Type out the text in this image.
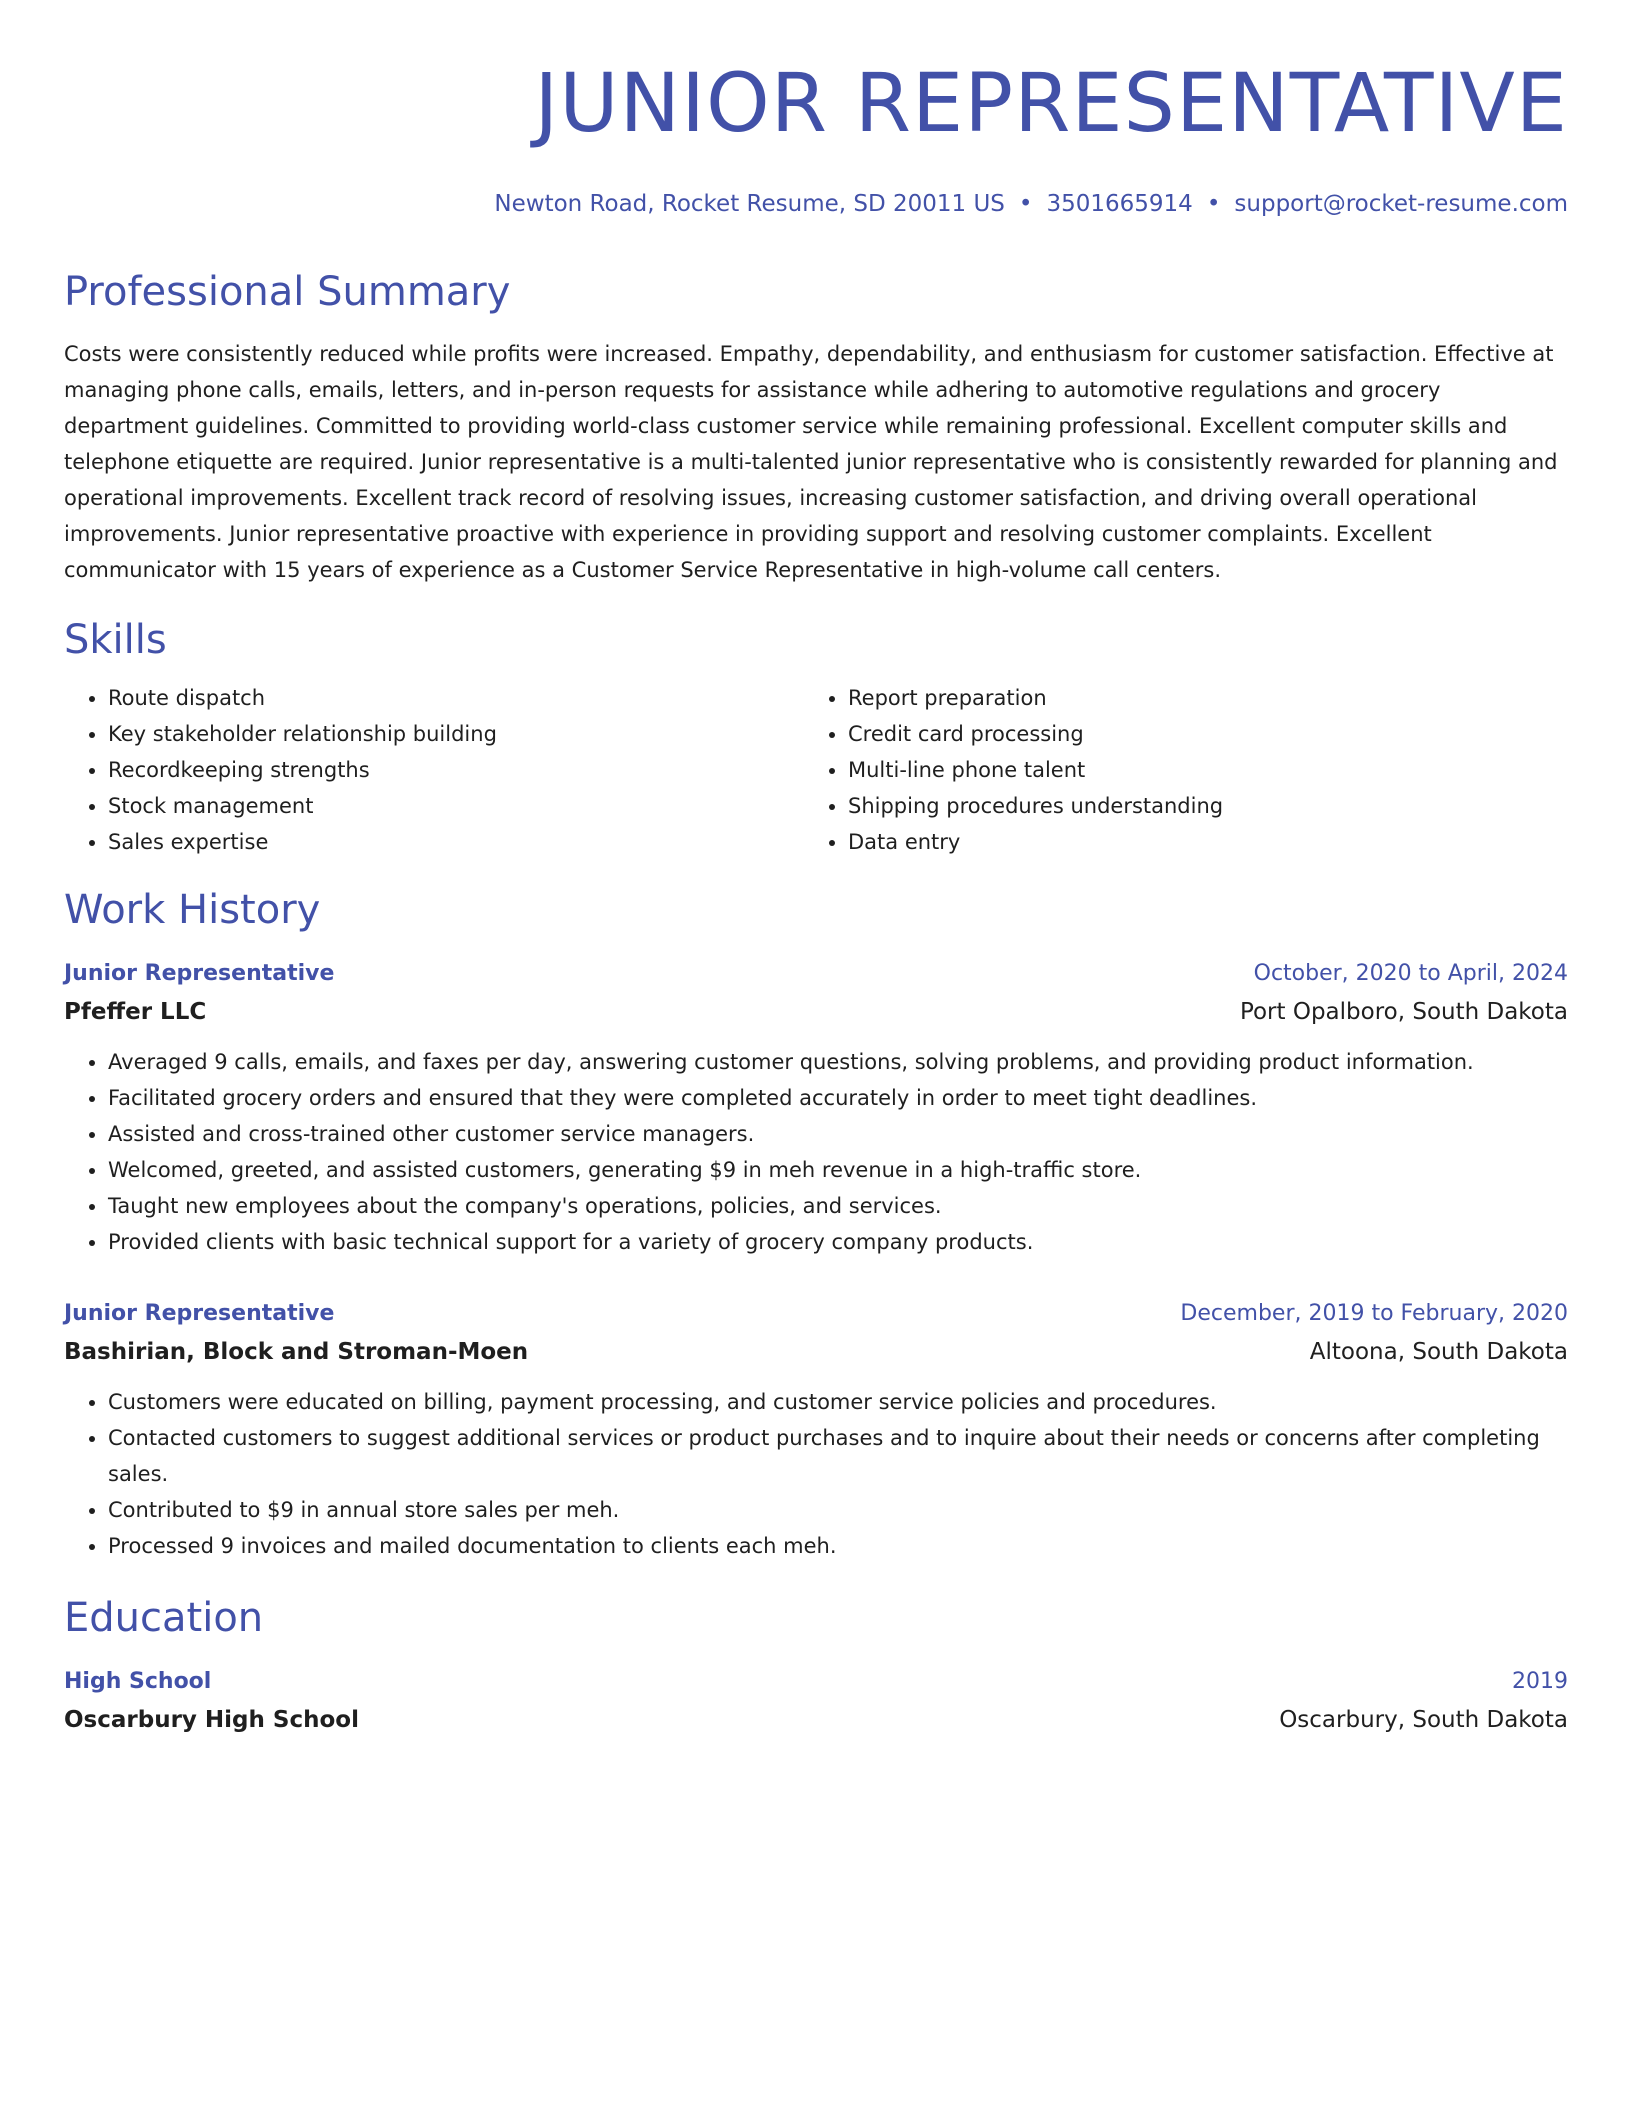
JUNIOR REPRESENTATIVE
Newton Road, Rocket Resume, SD 20011 US • 3501665914 • support@rocket-resume.com
Professional Summary

Costs were consistently reduced while profits were increased. Empathy, dependability, and enthusiasm for customer satisfaction. Effective at managing phone calls, emails, letters, and in-person requests for assistance while adhering to automotive regulations and grocery department guidelines. Committed to providing world-class customer service while remaining professional. Excellent computer skills and telephone etiquette are required. Junior representative is a multi-talented junior representative who is consistently rewarded for planning and operational improvements. Excellent track record of resolving issues, increasing customer satisfaction, and driving overall operational improvements. Junior representative proactive with experience in providing support and resolving customer complaints. Excellent communicator with 15 years of experience as a Customer Service Representative in high-volume call centers.

Skills
• Route dispatch
• Key stakeholder relationship building
• Recordkeeping strengths
• Stock management
• Sales expertise
• Report preparation
• Credit card processing
• Multi-line phone talent
• Shipping procedures understanding
• Data entry
Work History
Junior Representative	October, 2020 to April, 2024
Pfeffer LLC	Port Opalboro, South Dakota
• Averaged 9 calls, emails, and faxes per day, answering customer questions, solving problems, and providing product information.
• Facilitated grocery orders and ensured that they were completed accurately in order to meet tight deadlines.
• Assisted and cross-trained other customer service managers.
• Welcomed, greeted, and assisted customers, generating $9 in meh revenue in a high-traffic store.
• Taught new employees about the company's operations, policies, and services.
• Provided clients with basic technical support for a variety of grocery company products.
Junior Representative	December, 2019 to February, 2020
Bashirian, Block and Stroman-Moen	Altoona, South Dakota
• Customers were educated on billing, payment processing, and customer service policies and procedures.
• Contacted customers to suggest additional services or product purchases and to inquire about their needs or concerns after completing sales.
• Contributed to $9 in annual store sales per meh.
• Processed 9 invoices and mailed documentation to clients each meh.
Education
High School	2019
Oscarbury High School	Oscarbury, South Dakota
